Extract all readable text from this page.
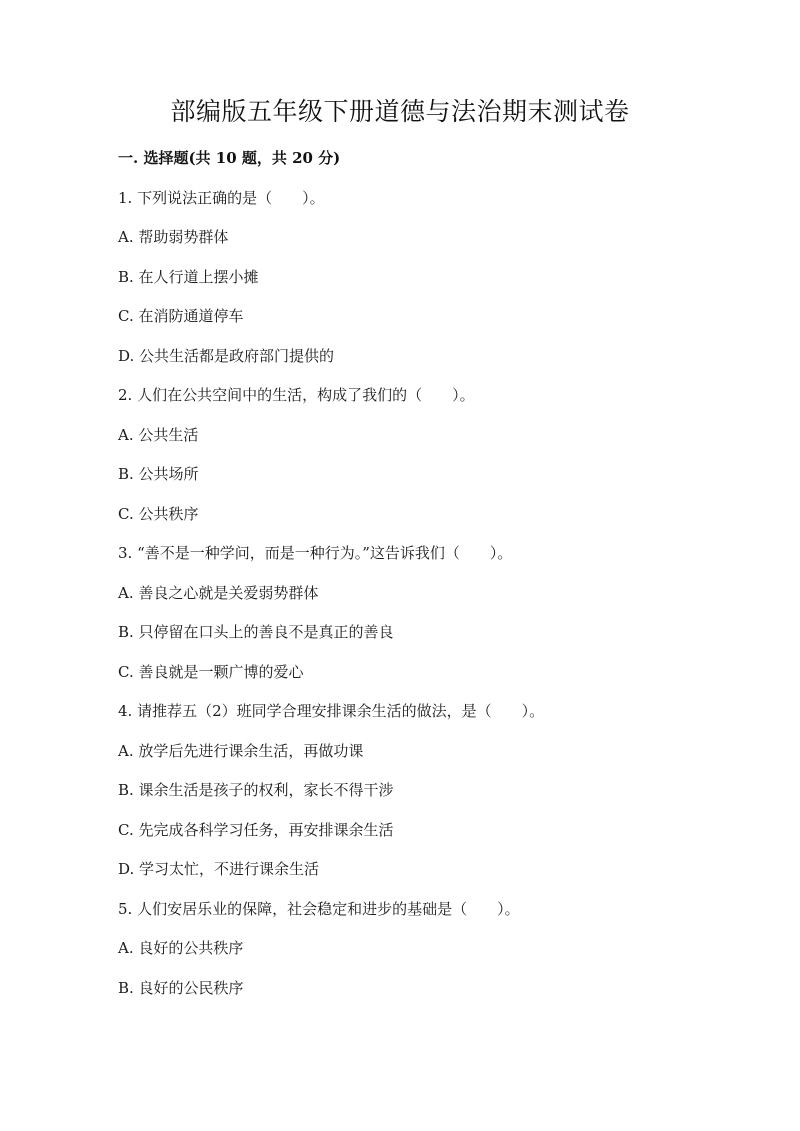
部编版五年级下册道德与法治期末测试卷
一. 选择题(共 10 题，共 20 分)
1. 下列说法正确的是（　　）。
A. 帮助弱势群体
B. 在人行道上摆小摊
C. 在消防通道停车
D. 公共生活都是政府部门提供的
2. 人们在公共空间中的生活，构成了我们的（　　）。
A. 公共生活
B. 公共场所
C. 公共秩序
3. “善不是一种学问，而是一种行为。”这告诉我们（　　）。
A. 善良之心就是关爱弱势群体
B. 只停留在口头上的善良不是真正的善良
C. 善良就是一颗广博的爱心
4. 请推荐五（2）班同学合理安排课余生活的做法，是（　　）。
A. 放学后先进行课余生活，再做功课
B. 课余生活是孩子的权利，家长不得干涉
C. 先完成各科学习任务，再安排课余生活
D. 学习太忙，不进行课余生活
5. 人们安居乐业的保障，社会稳定和进步的基础是（　　）。
A. 良好的公共秩序
B. 良好的公民秩序
